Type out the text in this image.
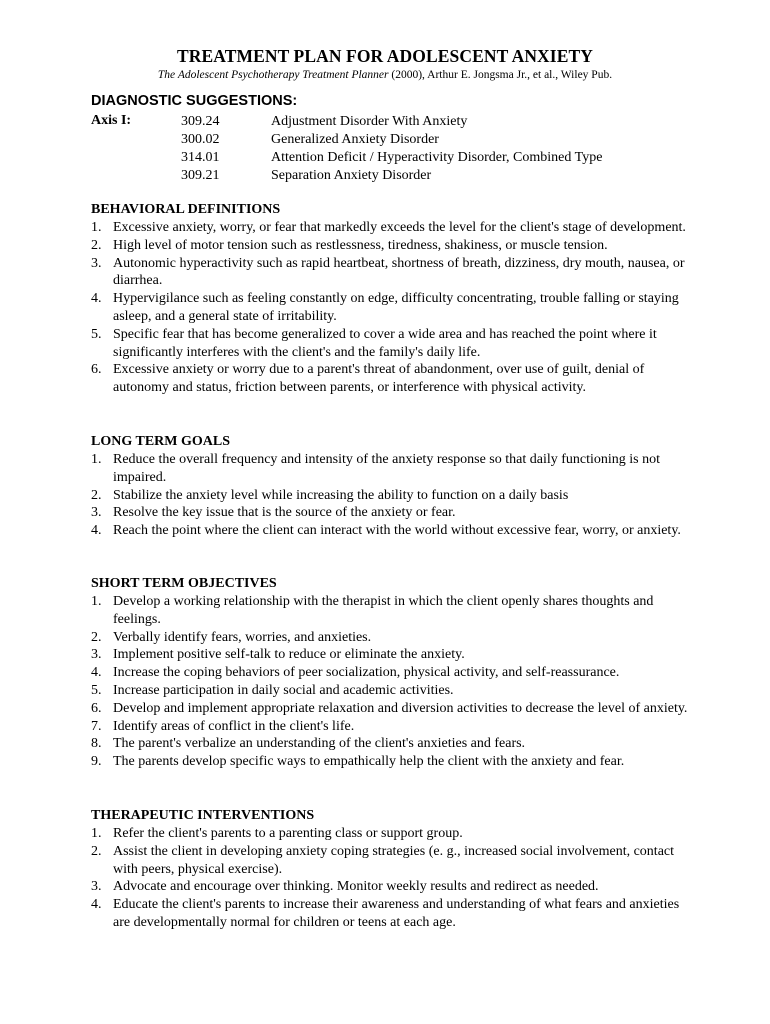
TREATMENT PLAN FOR ADOLESCENT ANXIETY
The Adolescent Psychotherapy Treatment Planner (2000), Arthur E. Jongsma Jr., et al., Wiley Pub.
DIAGNOSTIC SUGGESTIONS:
Axis I:	309.24	Adjustment Disorder With Anxiety
300.02	Generalized Anxiety Disorder
314.01	Attention Deficit / Hyperactivity Disorder, Combined Type
309.21	Separation Anxiety Disorder
BEHAVIORAL DEFINITIONS
1. Excessive anxiety, worry, or fear that markedly exceeds the level for the client's stage of development.
2. High level of motor tension such as restlessness, tiredness, shakiness, or muscle tension.
3. Autonomic hyperactivity such as rapid heartbeat, shortness of breath, dizziness, dry mouth, nausea, or diarrhea.
4. Hypervigilance such as feeling constantly on edge, difficulty concentrating, trouble falling or staying asleep, and a general state of irritability.
5. Specific fear that has become generalized to cover a wide area and has reached the point where it significantly interferes with the client's and the family's daily life.
6. Excessive anxiety or worry due to a parent's threat of abandonment, over use of guilt, denial of autonomy and status, friction between parents, or interference with physical activity.
LONG TERM GOALS
1. Reduce the overall frequency and intensity of the anxiety response so that daily functioning is not impaired.
2. Stabilize the anxiety level while increasing the ability to function on a daily basis
3. Resolve the key issue that is the source of the anxiety or fear.
4. Reach the point where the client can interact with the world without excessive fear, worry, or anxiety.
SHORT TERM OBJECTIVES
1. Develop a working relationship with the therapist in which the client openly shares thoughts and feelings.
2. Verbally identify fears, worries, and anxieties.
3. Implement positive self-talk to reduce or eliminate the anxiety.
4. Increase the coping behaviors of peer socialization, physical activity, and self-reassurance.
5. Increase participation in daily social and academic activities.
6. Develop and implement appropriate relaxation and diversion activities to decrease the level of anxiety.
7. Identify areas of conflict in the client's life.
8. The parent's verbalize an understanding of the client's anxieties and fears.
9. The parents develop specific ways to empathically help the client with the anxiety and fear.
THERAPEUTIC INTERVENTIONS
1. Refer the client's parents to a parenting class or support group.
2. Assist the client in developing anxiety coping strategies (e. g., increased social involvement, contact with peers, physical exercise).
3. Advocate and encourage over thinking. Monitor weekly results and redirect as needed.
4. Educate the client's parents to increase their awareness and understanding of what fears and anxieties are developmentally normal for children or teens at each age.
